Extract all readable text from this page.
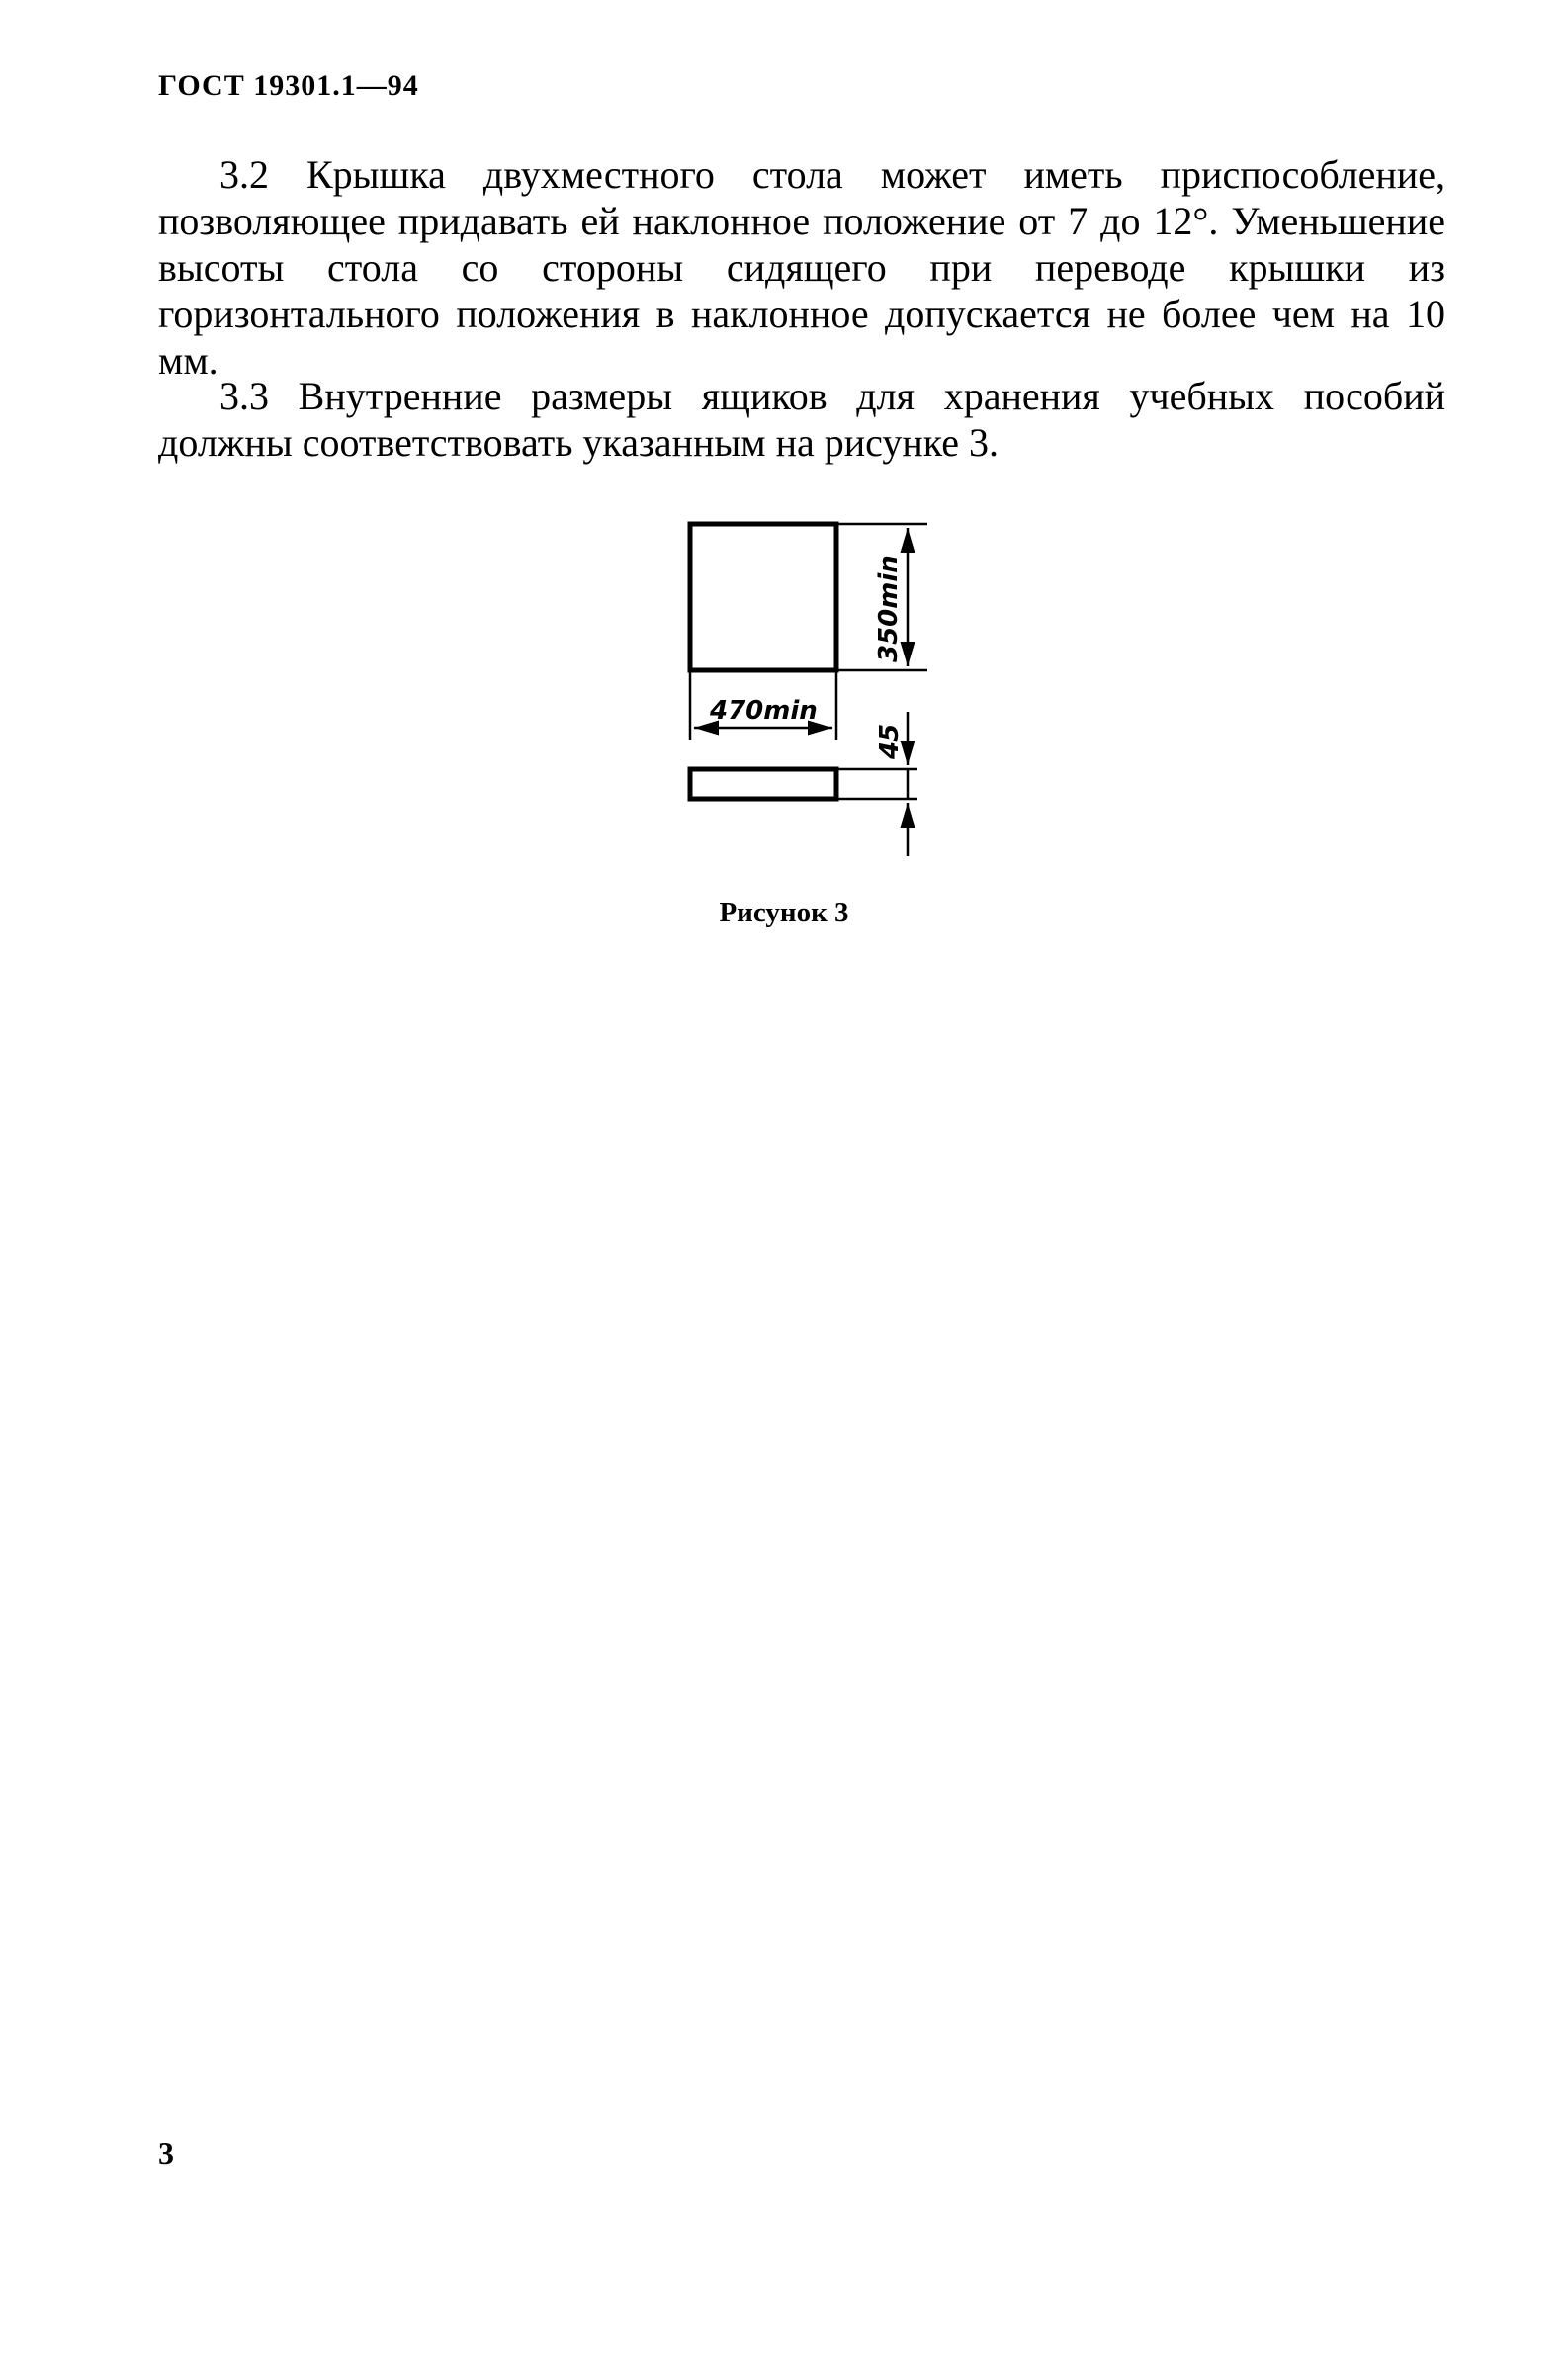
ГОСТ 19301.1—94

3.2 Крышка двухместного стола может иметь приспособление, позволяющее придавать ей наклонное положение от 7 до 12°. Уменьшение высоты стола со стороны сидящего при переводе крышки из горизонтального положения в наклонное допускается не более чем на 10 мм.

3.3 Внутренние размеры ящиков для хранения учебных пособий должны соответствовать указанным на рисунке 3.

350min
470min
45
Рисунок 3
3
